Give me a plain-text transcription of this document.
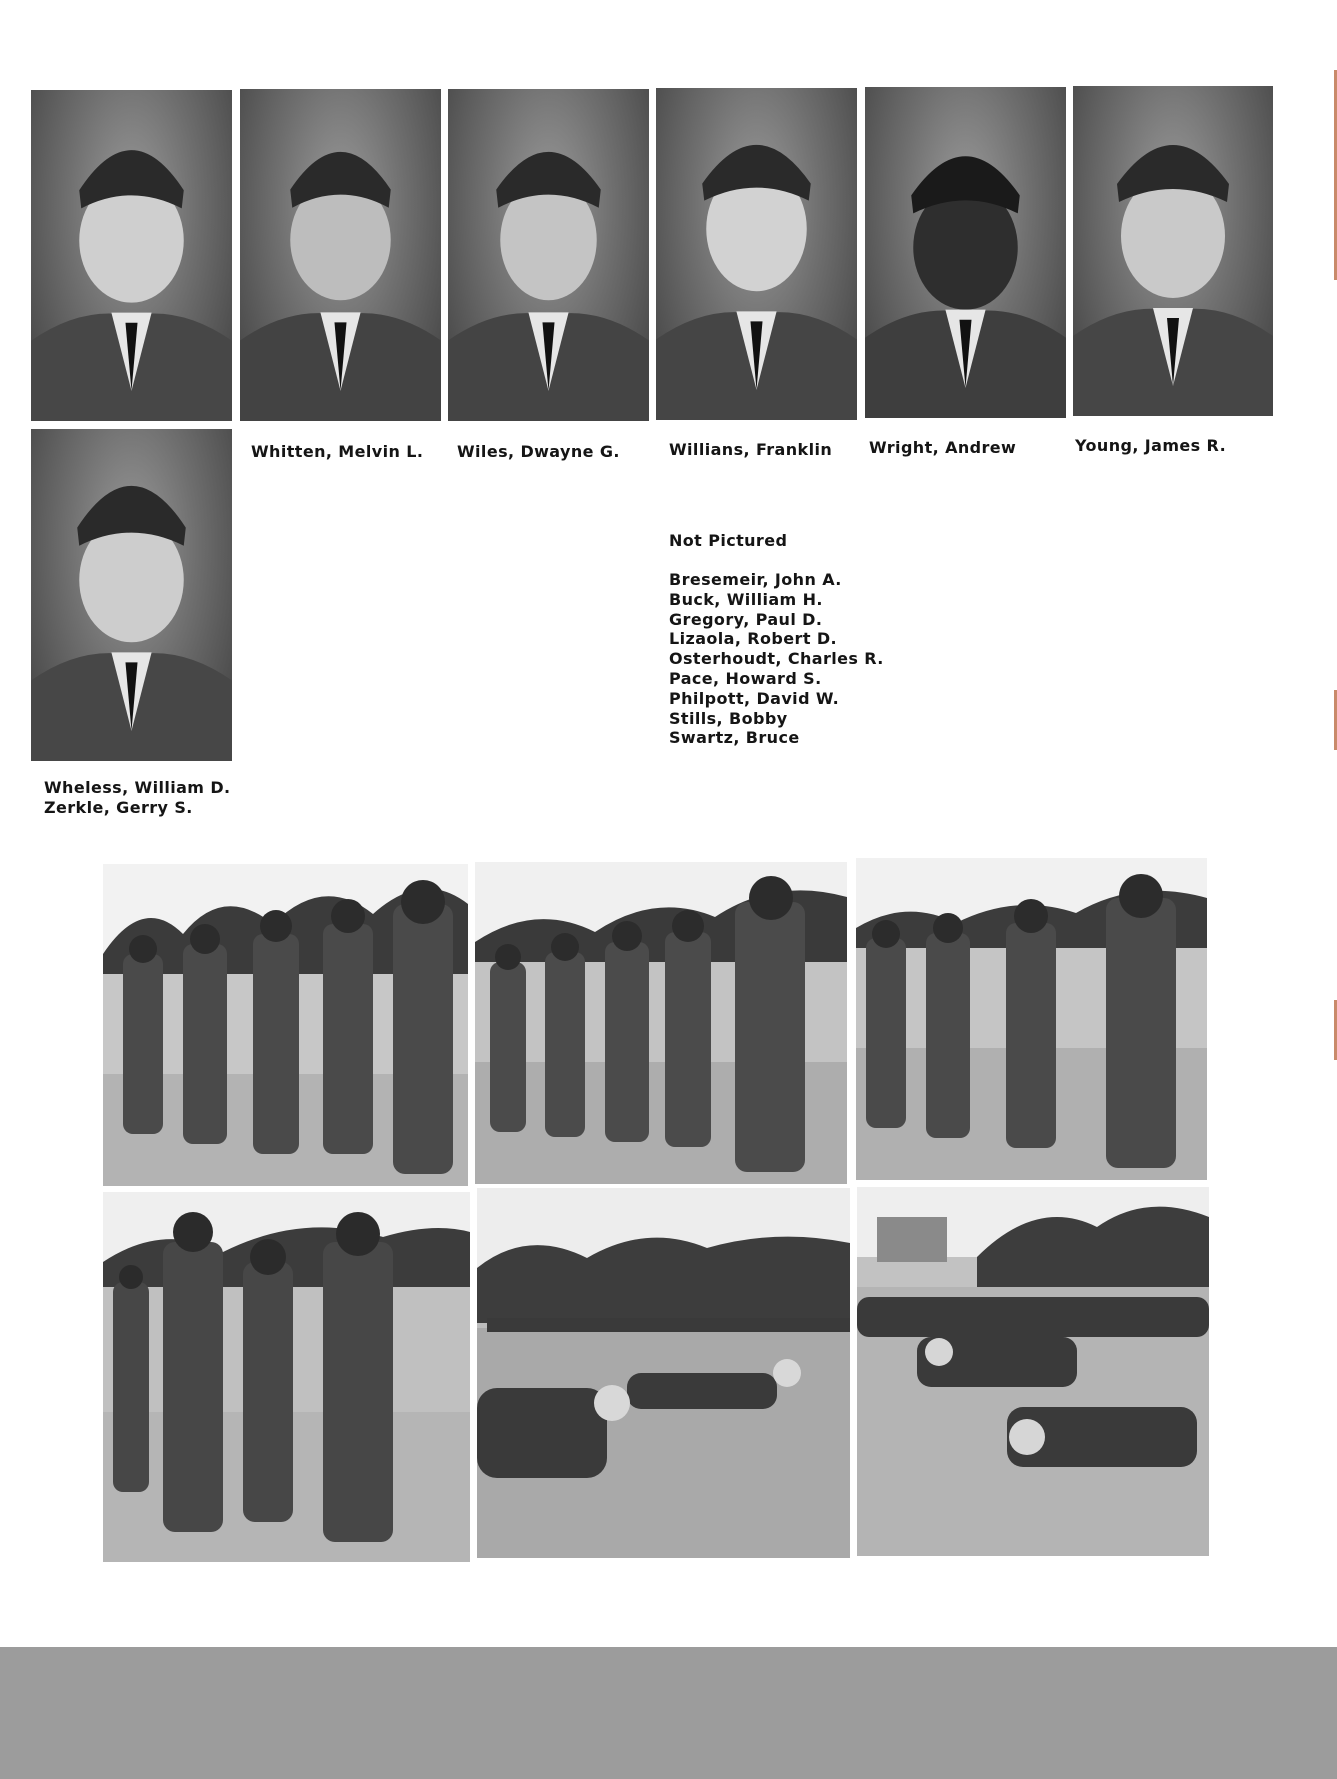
Whitten, Melvin L. Wiles, Dwayne G.	Willians, Franklin Wright, Andrew	Young, James R.

Wheless, William D.

Zerkle, Gerry S.

Not Pictured

Bresemeir, John A.
Buck, William H.
Gregory, Paul D.
Lizaola, Robert D.
Osterhoudt, Charles R.
Pace, Howard S.
Philpott, David W.
Stills, Bobby
Swartz, Bruce
